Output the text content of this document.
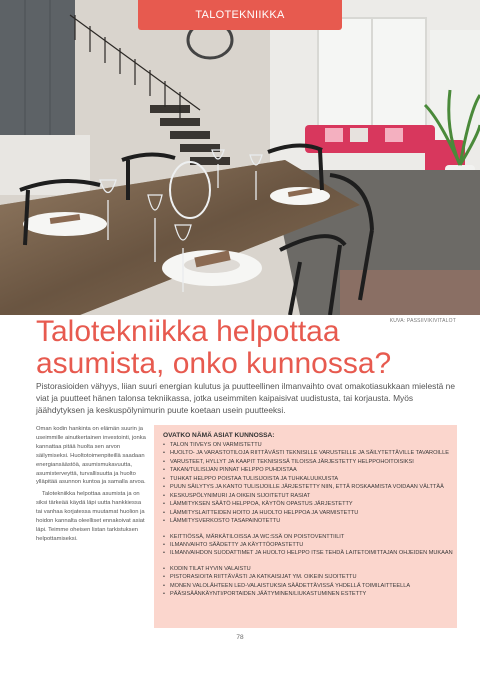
TALOTEKNIIKKA
KUVA: PASSIIVIKIVITALOT
Talotekniikka helpottaa asumista, onko kunnossa?

Pistorasioiden vähyys, liian suuri energian kulutus ja puutteellinen ilmanvaihto ovat omakotiasukkaan mielestä ne viat ja puutteet hänen talonsa tekniikassa, jotka useimmiten kaipaisivat uudistusta, tai korjausta. Myös jäähdytyksen ja keskuspölynimurin puute koetaan usein puutteeksi.

Oman kodin hankinta on elämän suurin ja useimmille ainutkertainen investointi, jonka kannattaa pitää huolta sen arvon säilymiseksi. Huoltotoimenpiteillä saadaan energiansäästöä, asumismukavuutta, asumisterveyttä, turvallisuutta ja huolto ylläpitää asunnon kuntoa ja samalla arvoa.

Talotekniikka helpottaa asumista ja on siksi tärkeää käydä läpi uutta hankkiessa tai vanhaa korjatessa muutamat huolion ja hoidon kannalta oleelliset ennakoivat asiat läpi. Teimme oheisen listan tarkistuksen helpottamiseksi.

OVATKO NÄMÄ ASIAT KUNNOSSA:
• TALON TIIVEYS ON VARMISTETTU
• HUOLTO- JA VARASTOTILOJA RIITTÄVÄSTI TEKNISILLE VARUSTEILLE JA SÄILYTETTÄVILLE TAVAROILLE
• VARUSTEET, HYLLYT JA KAAPIT TEKNISISSÄ TILOISSA JÄRJESTETTY HELPPOHOITOISIKSI
• TAKAN/TULISIJAN PINNAT HELPPO PUHDISTAA
• TUHKAT HELPPO POISTAA TULISIJOISTA JA TUHKALUUKUISTA
• PUUN SÄILYTYS JA KANTO TULISIJOILLE JÄRJESTETTY NIIN, ETTÄ ROSKAAMISTA VOIDAAN VÄLTTÄÄ
• KESKUSPÖLYNIMURI JA OIKEIN SIJOITETUT RASIAT
• LÄMMITYKSEN SÄÄTÖ HELPPOA, KÄYTÖN OPASTUS JÄRJESTETTY
• LÄMMITYSLAITTEIDEN HOITO JA HUOLTO HELPPOA JA VARMISTETTU
• LÄMMITYSVERKOSTO TASAPAINOTETTU
• KEITTIÖSSÄ, MÄRKÄTILOISSA JA WC:SSÄ ON POISTOVENTTIILIT
• ILMANVAIHTO SÄÄDETTY JA KÄYTTÖOPASTETTU
• ILMANVAIHDON SUODATTIMET JA HUOLTO HELPPO ITSE TEHDÄ LAITETOIMITTAJAN OHJEIDEN MUKAAN
• KODIN TILAT HYVIN VALAISTU
• PISTORASIOITA RIITTÄVÄSTI JA KATKAISIJAT YM. OIKEIN SIJOITETTU
• MONEN VALOLÄHTEEN LED-VALAISTUKSIA SÄÄDETTÄVISSÄ YHDELLÄ TOIMILAITTEELLA
• PÄÄSISÄÄNKÄYNTI/PORTAIDEN JÄÄTYMINEN/LIUKASTUMINEN ESTETTY
78
